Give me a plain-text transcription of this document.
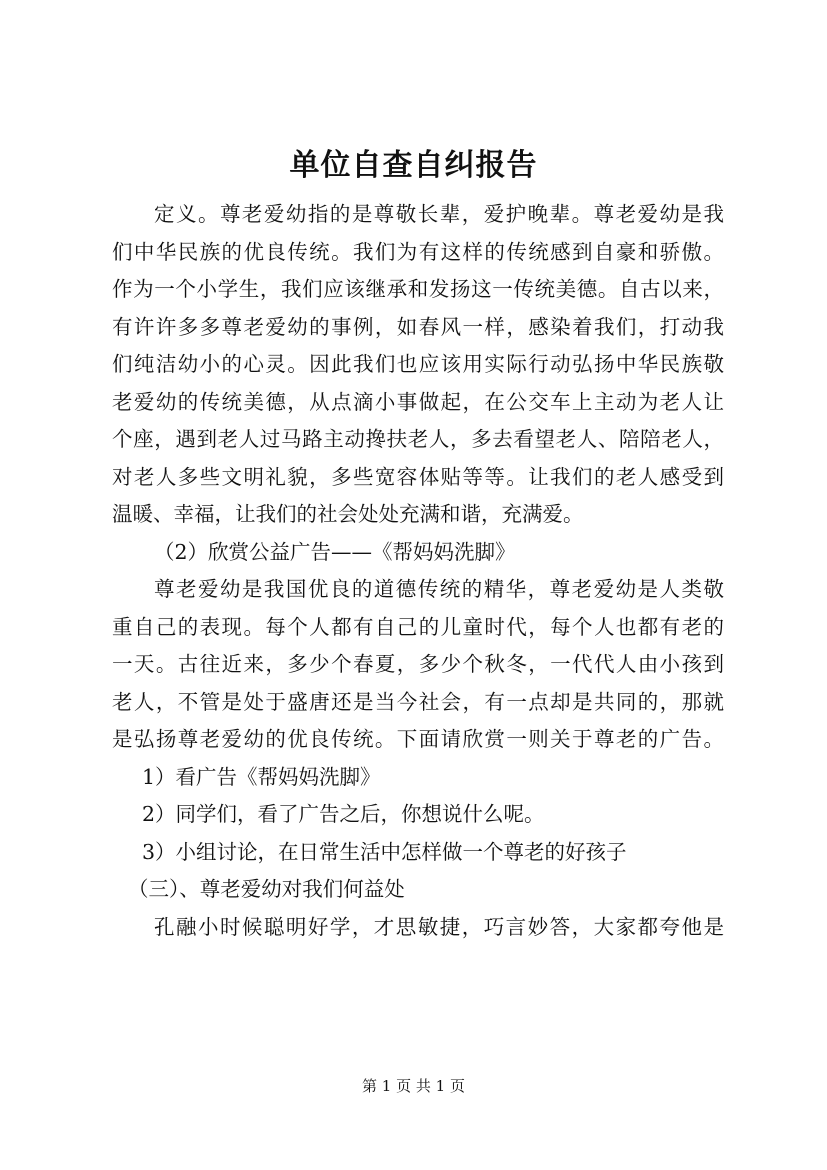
单位自查自纠报告
定义。尊老爱幼指的是尊敬长辈，爱护晚辈。尊老爱幼是我
们中华民族的优良传统。我们为有这样的传统感到自豪和骄傲。
作为一个小学生，我们应该继承和发扬这一传统美德。自古以来，
有许许多多尊老爱幼的事例，如春风一样，感染着我们，打动我
们纯洁幼小的心灵。因此我们也应该用实际行动弘扬中华民族敬
老爱幼的传统美德，从点滴小事做起，在公交车上主动为老人让
个座，遇到老人过马路主动搀扶老人，多去看望老人、陪陪老人，
对老人多些文明礼貌，多些宽容体贴等等。让我们的老人感受到
温暖、幸福，让我们的社会处处充满和谐，充满爱。
（2）欣赏公益广告——《帮妈妈洗脚》
尊老爱幼是我国优良的道德传统的精华，尊老爱幼是人类敬
重自己的表现。每个人都有自己的儿童时代，每个人也都有老的
一天。古往近来，多少个春夏，多少个秋冬，一代代人由小孩到
老人，不管是处于盛唐还是当今社会，有一点却是共同的，那就
是弘扬尊老爱幼的优良传统。下面请欣赏一则关于尊老的广告。
1）看广告《帮妈妈洗脚》
2）同学们，看了广告之后，你想说什么呢。
3）小组讨论，在日常生活中怎样做一个尊老的好孩子
（三）、尊老爱幼对我们何益处
孔融小时候聪明好学，才思敏捷，巧言妙答，大家都夸他是
第 1 页 共 1 页
